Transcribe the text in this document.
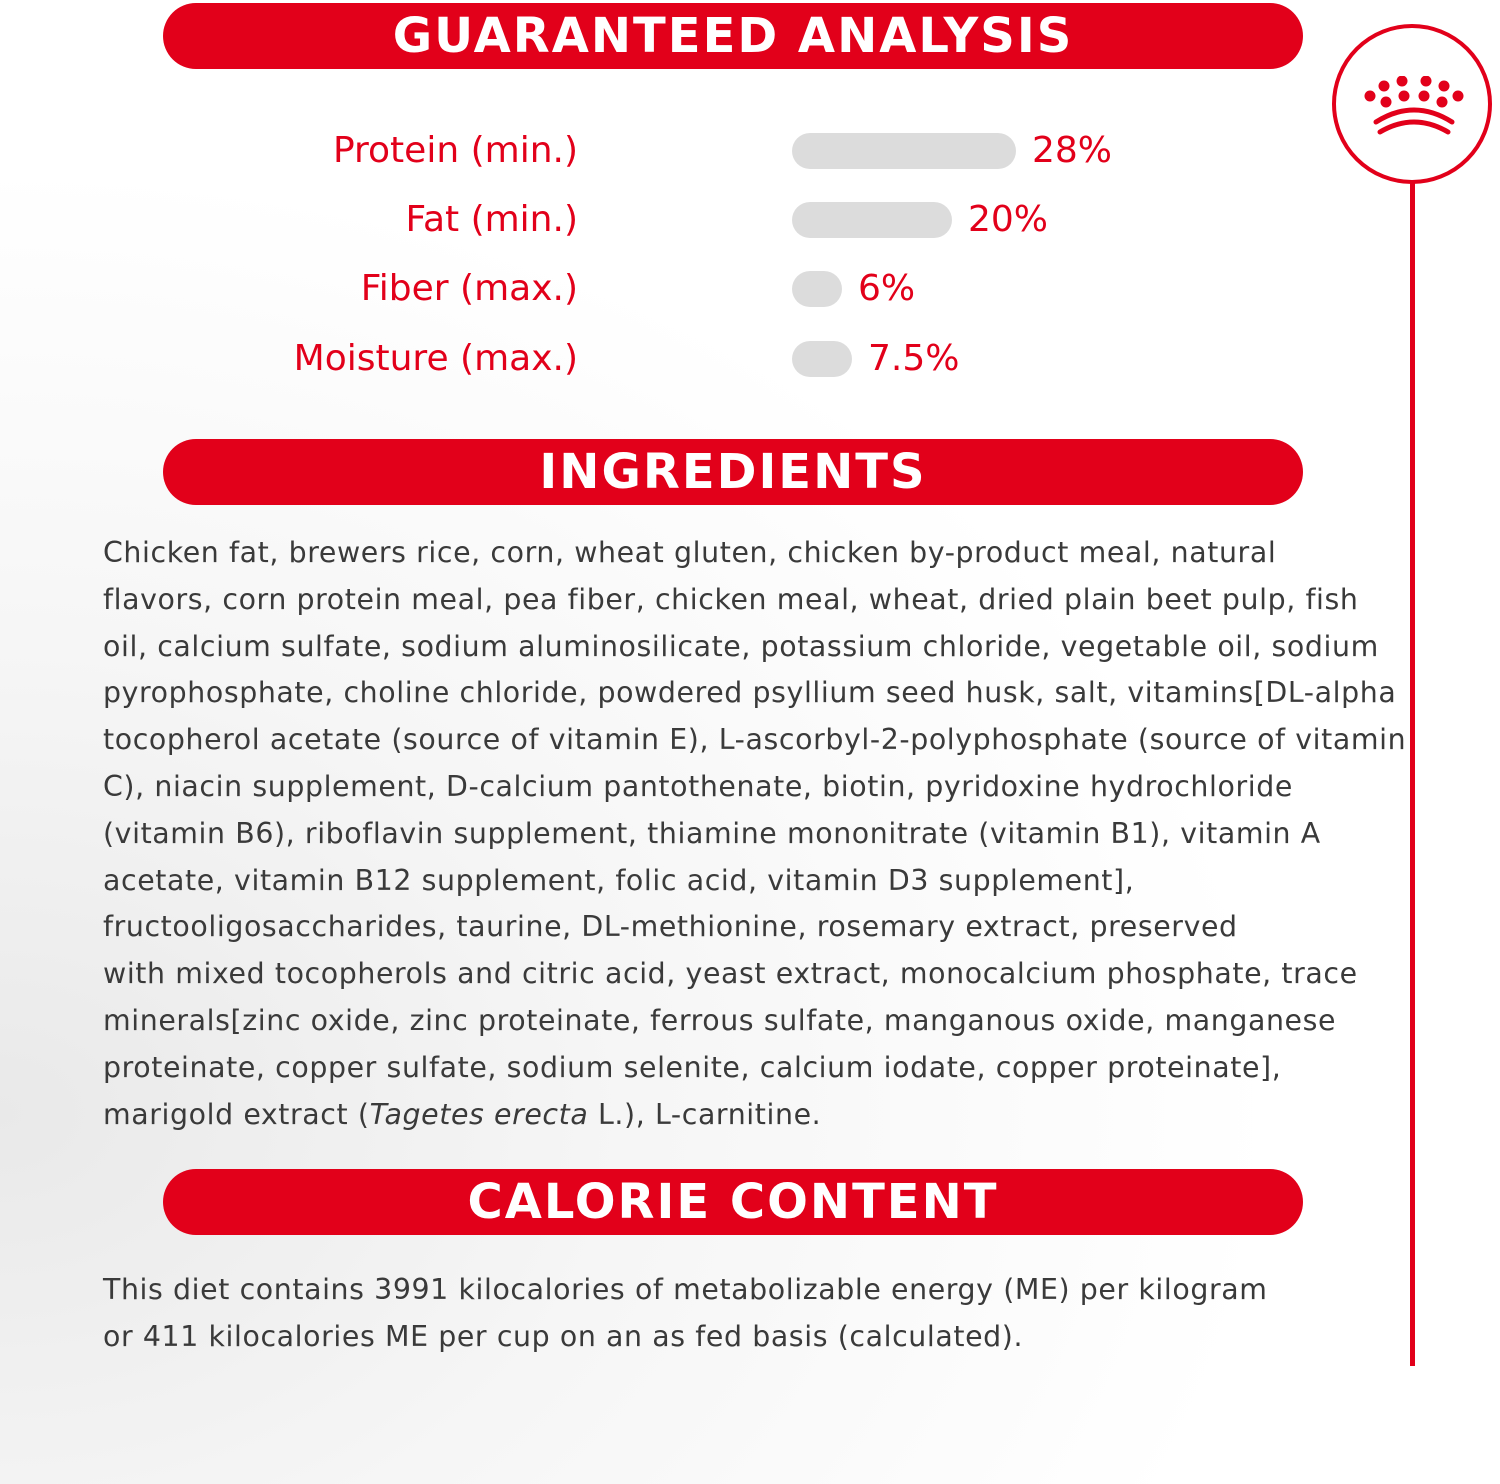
GUARANTEED ANALYSIS
Protein (min.)	28%
Fat (min.)	20%
Fiber (max.)	6%
Moisture (max.)	7.5%
INGREDIENTS
Chicken fat, brewers rice, corn, wheat gluten, chicken by-product meal, natural
flavors, corn protein meal, pea fiber, chicken meal, wheat, dried plain beet pulp, fish
oil, calcium sulfate, sodium aluminosilicate, potassium chloride, vegetable oil, sodium
pyrophosphate, choline chloride, powdered psyllium seed husk, salt, vitamins[DL-alpha
tocopherol acetate (source of vitamin E), L-ascorbyl-2-polyphosphate (source of vitamin
C), niacin supplement, D-calcium pantothenate, biotin, pyridoxine hydrochloride
(vitamin B6), riboflavin supplement, thiamine mononitrate (vitamin B1), vitamin A
acetate, vitamin B12 supplement, folic acid, vitamin D3 supplement],
fructooligosaccharides, taurine, DL-methionine, rosemary extract, preserved
with mixed tocopherols and citric acid, yeast extract, monocalcium phosphate, trace
minerals[zinc oxide, zinc proteinate, ferrous sulfate, manganous oxide, manganese
proteinate, copper sulfate, sodium selenite, calcium iodate, copper proteinate],
marigold extract (Tagetes erecta L.), L-carnitine.
CALORIE CONTENT
This diet contains 3991 kilocalories of metabolizable energy (ME) per kilogram
or 411 kilocalories ME per cup on an as fed basis (calculated).
